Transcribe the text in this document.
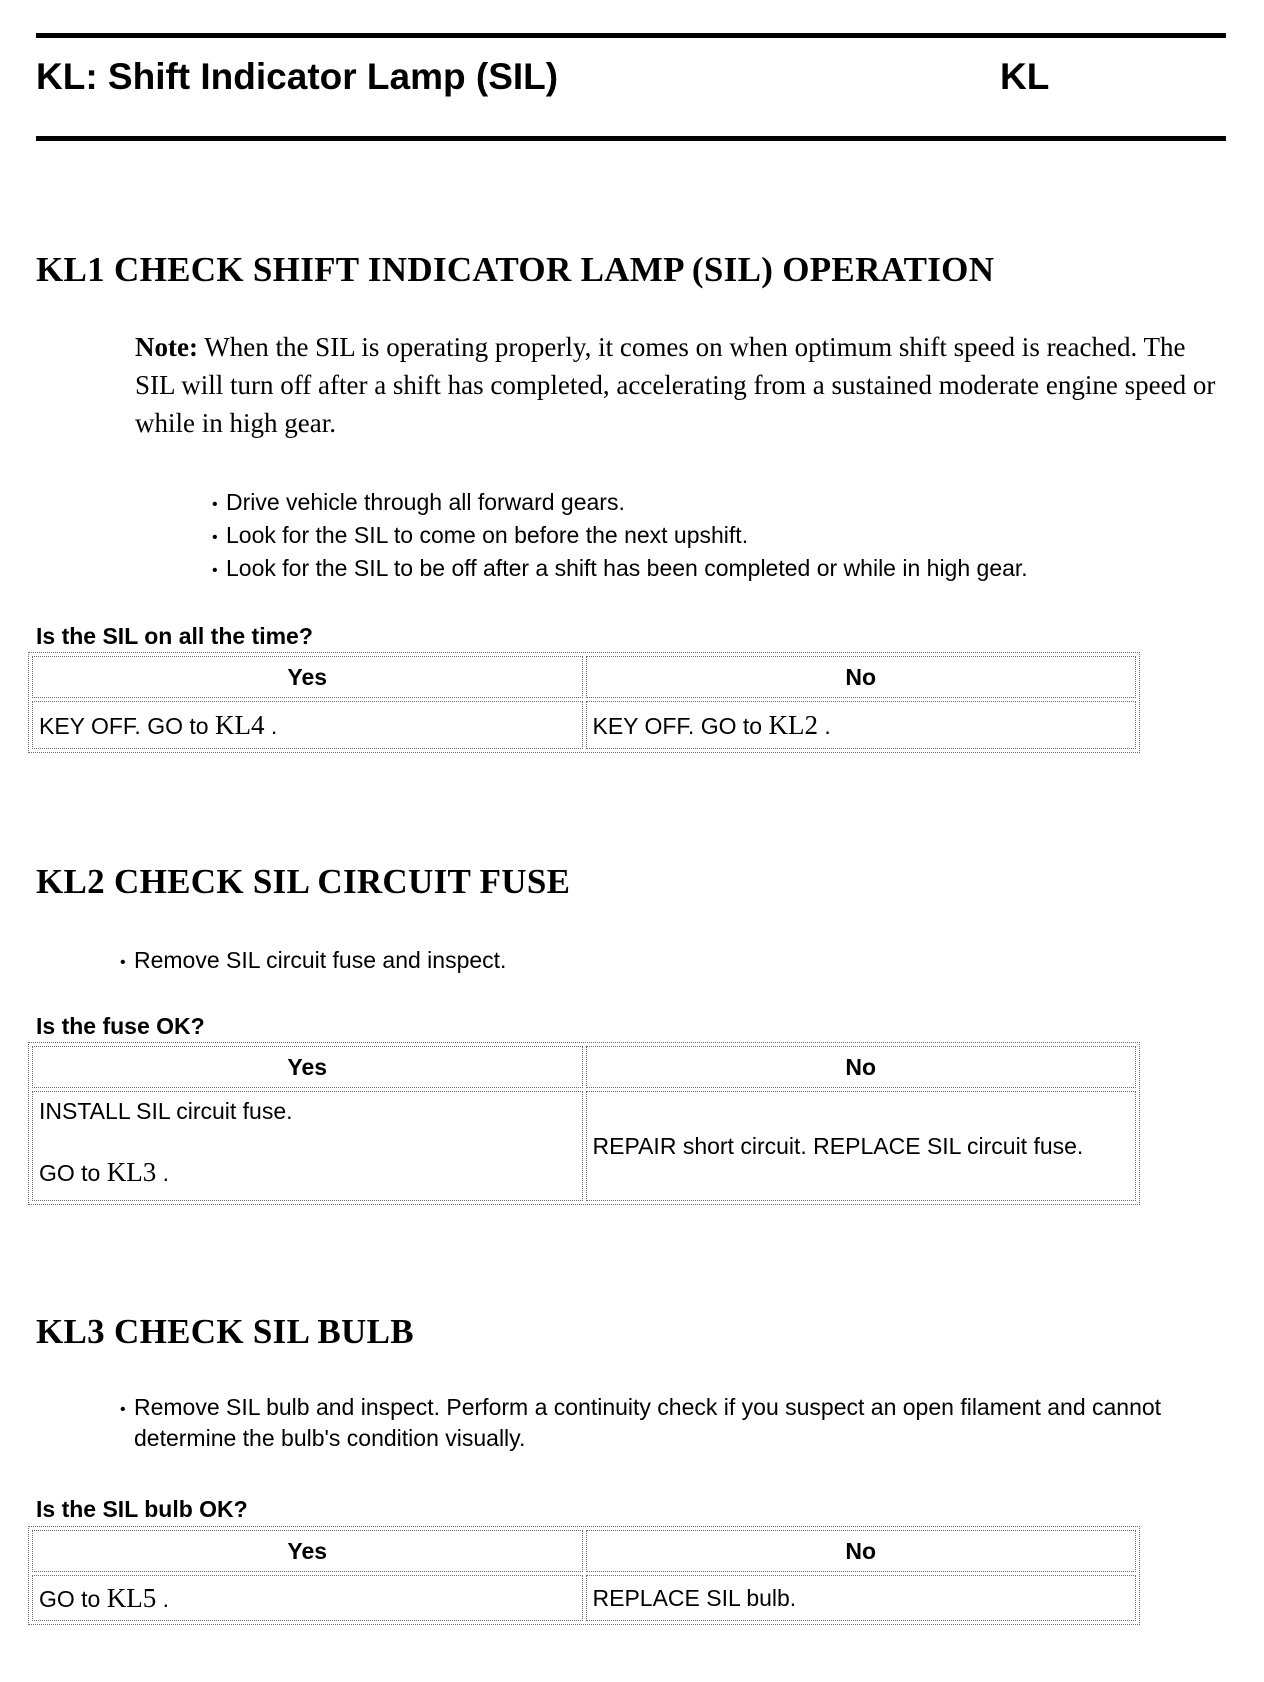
KL: Shift Indicator Lamp (SIL)	KL
KL1 CHECK SHIFT INDICATOR LAMP (SIL) OPERATION
Note: When the SIL is operating properly, it comes on when optimum shift speed is reached. The SIL will turn off after a shift has completed, accelerating from a sustained moderate engine speed or while in high gear.
• Drive vehicle through all forward gears.
• Look for the SIL to come on before the next upshift.
• Look for the SIL to be off after a shift has been completed or while in high gear.
Is the SIL on all the time?
Yes	No
KEY OFF. GO to KL4 .	KEY OFF. GO to KL2 .
KL2 CHECK SIL CIRCUIT FUSE
• Remove SIL circuit fuse and inspect.
Is the fuse OK?
Yes	No

INSTALL SIL circuit fuse.
GO to KL3 .	REPAIR short circuit. REPLACE SIL circuit fuse.
KL3 CHECK SIL BULB
• Remove SIL bulb and inspect. Perform a continuity check if you suspect an open filament and cannot determine the bulb's condition visually.
Is the SIL bulb OK?
Yes	No
GO to KL5 .	REPLACE SIL bulb.
